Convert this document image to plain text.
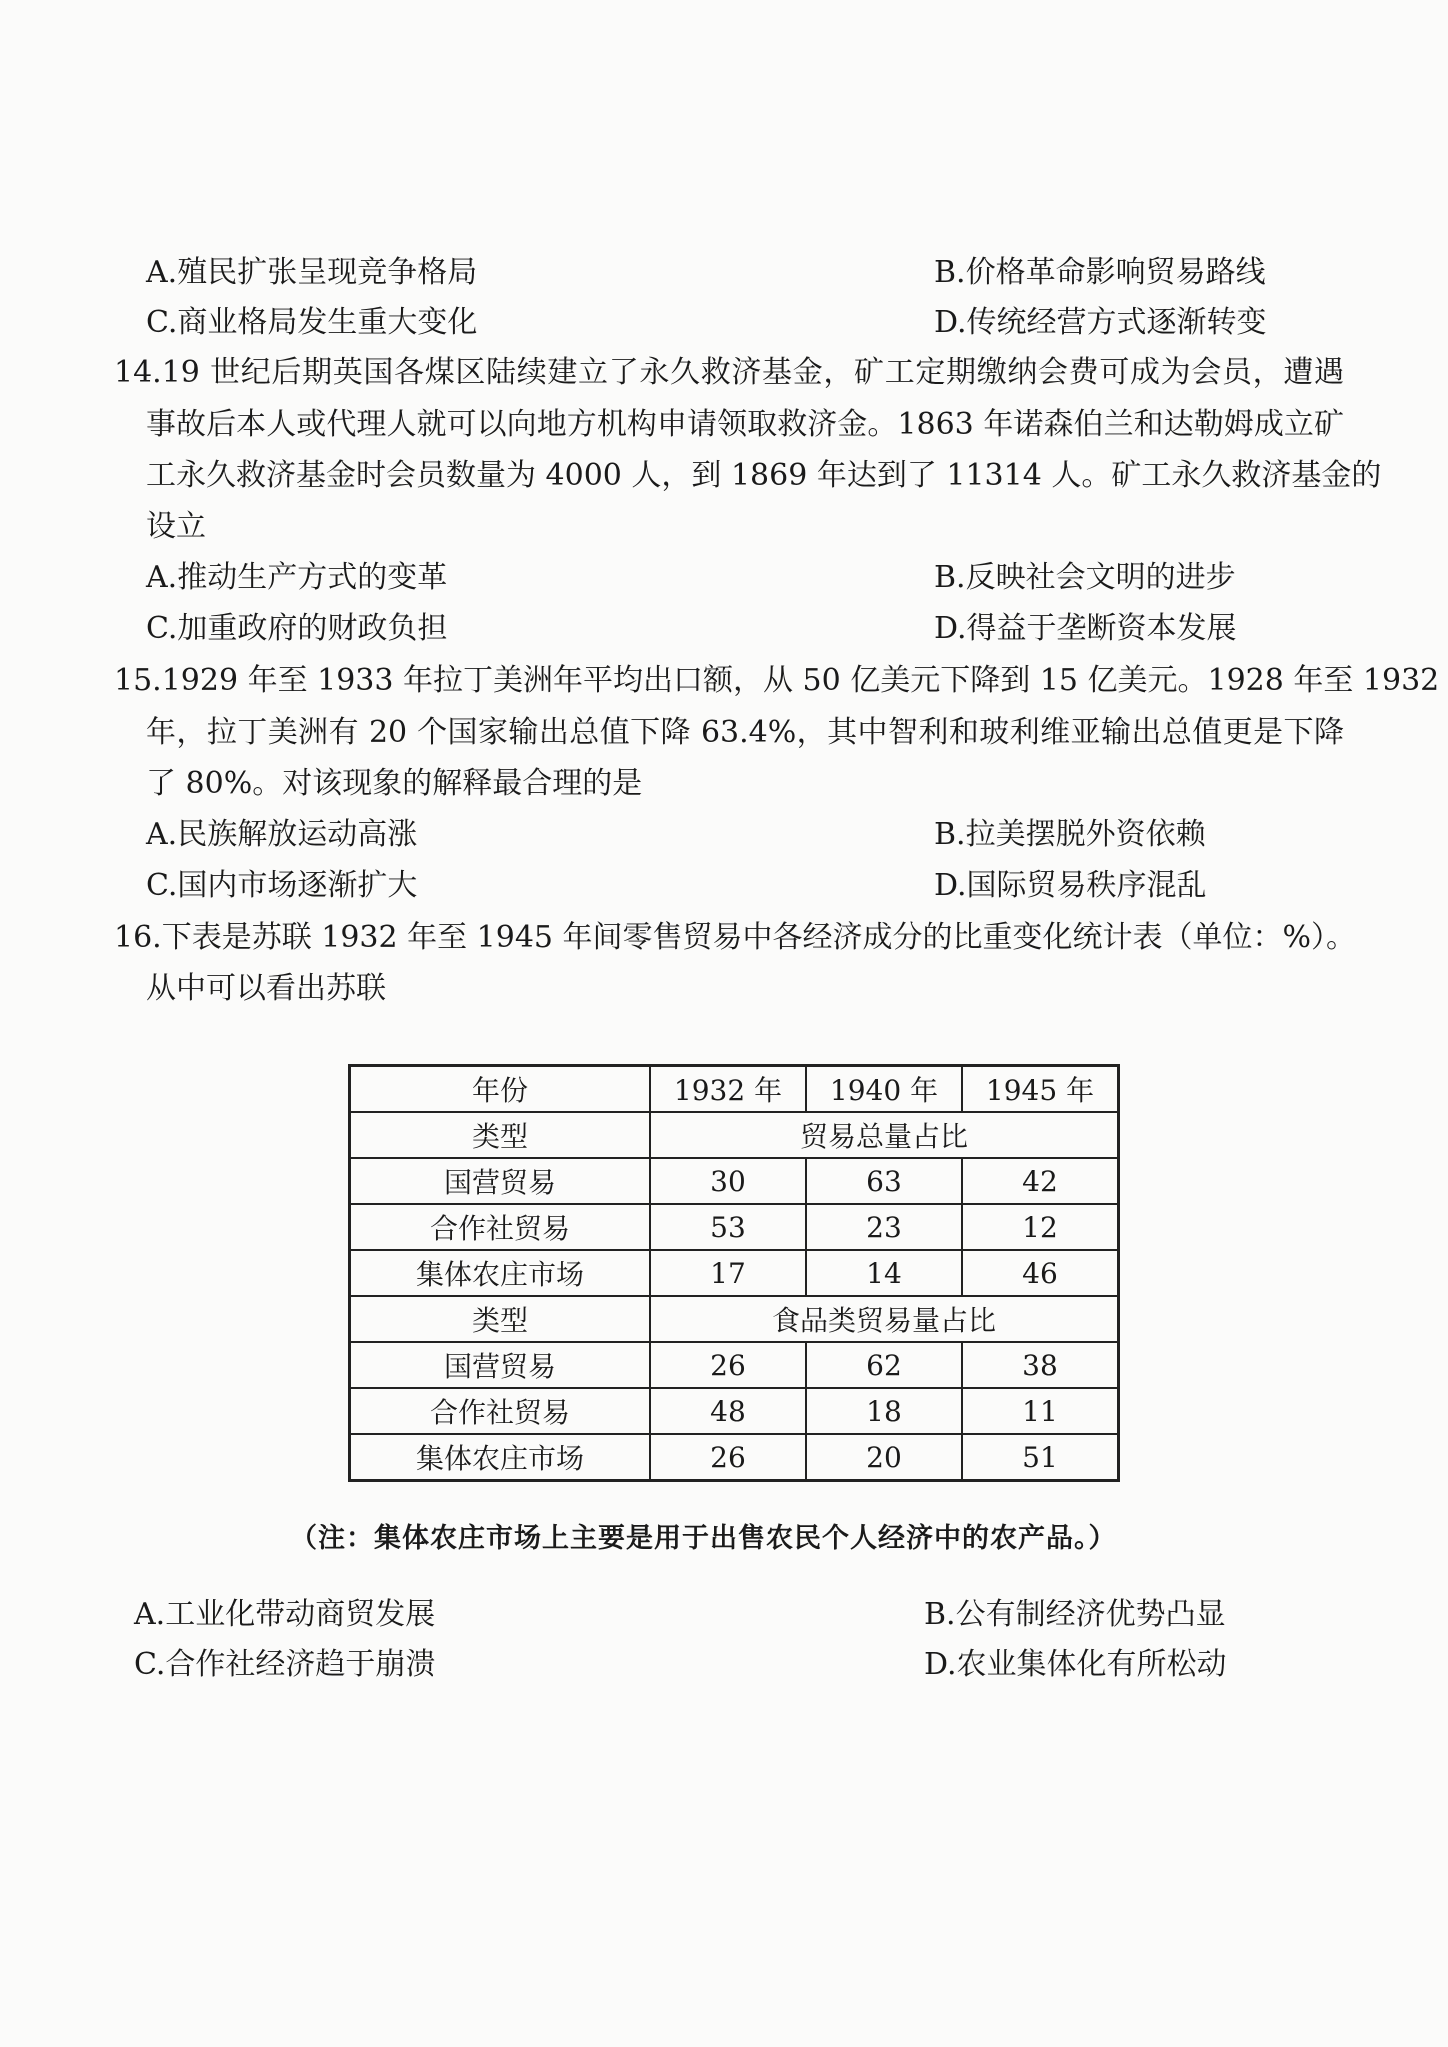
A.殖民扩张呈现竞争格局	B.价格革命影响贸易路线
C.商业格局发生重大变化	D.传统经营方式逐渐转变
14.19 世纪后期英国各煤区陆续建立了永久救济基金，矿工定期缴纳会费可成为会员，遭遇
事故后本人或代理人就可以向地方机构申请领取救济金。1863 年诺森伯兰和达勒姆成立矿
工永久救济基金时会员数量为 4000 人，到 1869 年达到了 11314 人。矿工永久救济基金的
设立
A.推动生产方式的变革	B.反映社会文明的进步
C.加重政府的财政负担	D.得益于垄断资本发展
15.1929 年至 1933 年拉丁美洲年平均出口额，从 50 亿美元下降到 15 亿美元。1928 年至 1932
年，拉丁美洲有 20 个国家输出总值下降 63.4%，其中智利和玻利维亚输出总值更是下降
了 80%。对该现象的解释最合理的是
A.民族解放运动高涨	B.拉美摆脱外资依赖
C.国内市场逐渐扩大	D.国际贸易秩序混乱
16.下表是苏联 1932 年至 1945 年间零售贸易中各经济成分的比重变化统计表（单位：%）。
从中可以看出苏联
年份	1932 年	1940 年	1945 年
类型	贸易总量占比		
国营贸易	30	63	42
合作社贸易	53	23	12
集体农庄市场	17	14	46
类型	食品类贸易量占比		
国营贸易	26	62	38
合作社贸易	48	18	11
集体农庄市场	26	20	51
（注：集体农庄市场上主要是用于出售农民个人经济中的农产品。）
A.工业化带动商贸发展	B.公有制经济优势凸显
C.合作社经济趋于崩溃	D.农业集体化有所松动
